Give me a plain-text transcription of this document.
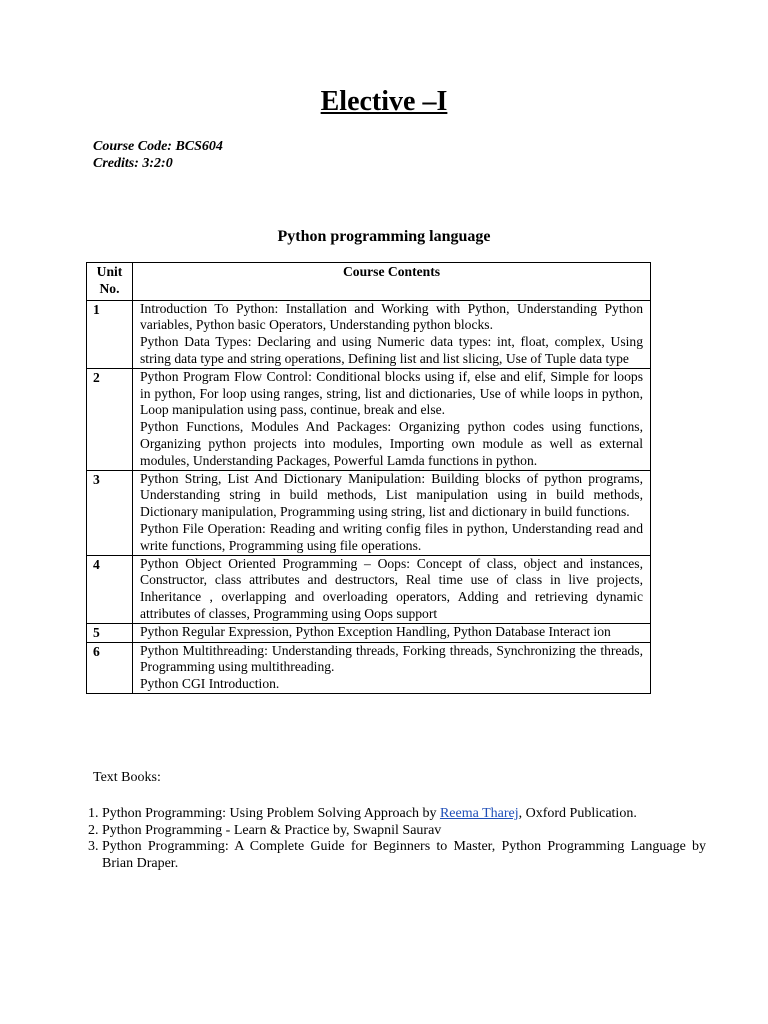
Elective –I
Course Code: BCS604
Credits: 3:2:0
Python programming language
Unit No.	Course Contents
1	Introduction To Python: Installation and Working with Python, Understanding Python variables, Python basic Operators, Understanding python blocks.

Python Data Types: Declaring and using Numeric data types: int, float, complex, Using string data type and string operations, Defining list and list slicing, Use of Tuple data type

2	Python Program Flow Control: Conditional blocks using if, else and elif, Simple for loops in python, For loop using ranges, string, list and dictionaries, Use of while loops in python, Loop manipulation using pass, continue, break and else.

Python Functions, Modules And Packages: Organizing python codes using functions, Organizing python projects into modules, Importing own module as well as external modules, Understanding Packages, Powerful Lamda functions in python.

3	Python String, List And Dictionary Manipulation: Building blocks of python programs, Understanding string in build methods, List manipulation using in build methods, Dictionary manipulation, Programming using string, list and dictionary in build functions.

Python File Operation: Reading and writing config files in python, Understanding read and write functions, Programming using file operations.

4	Python Object Oriented Programming – Oops: Concept of class, object and instances, Constructor, class attributes and destructors, Real time use of class in live projects, Inheritance , overlapping and overloading operators, Adding and retrieving dynamic attributes of classes, Programming using Oops support

5	Python Regular Expression, Python Exception Handling, Python Database Interact ion

6	Python Multithreading: Understanding threads, Forking threads, Synchronizing the threads, Programming using multithreading.

Python CGI Introduction.

Text Books:
1. Python Programming: Using Problem Solving Approach by Reema Tharej, Oxford Publication.
2. Python Programming - Learn & Practice by, Swapnil Saurav
3. Python Programming: A Complete Guide for Beginners to Master, Python Programming Language by Brian Draper.
